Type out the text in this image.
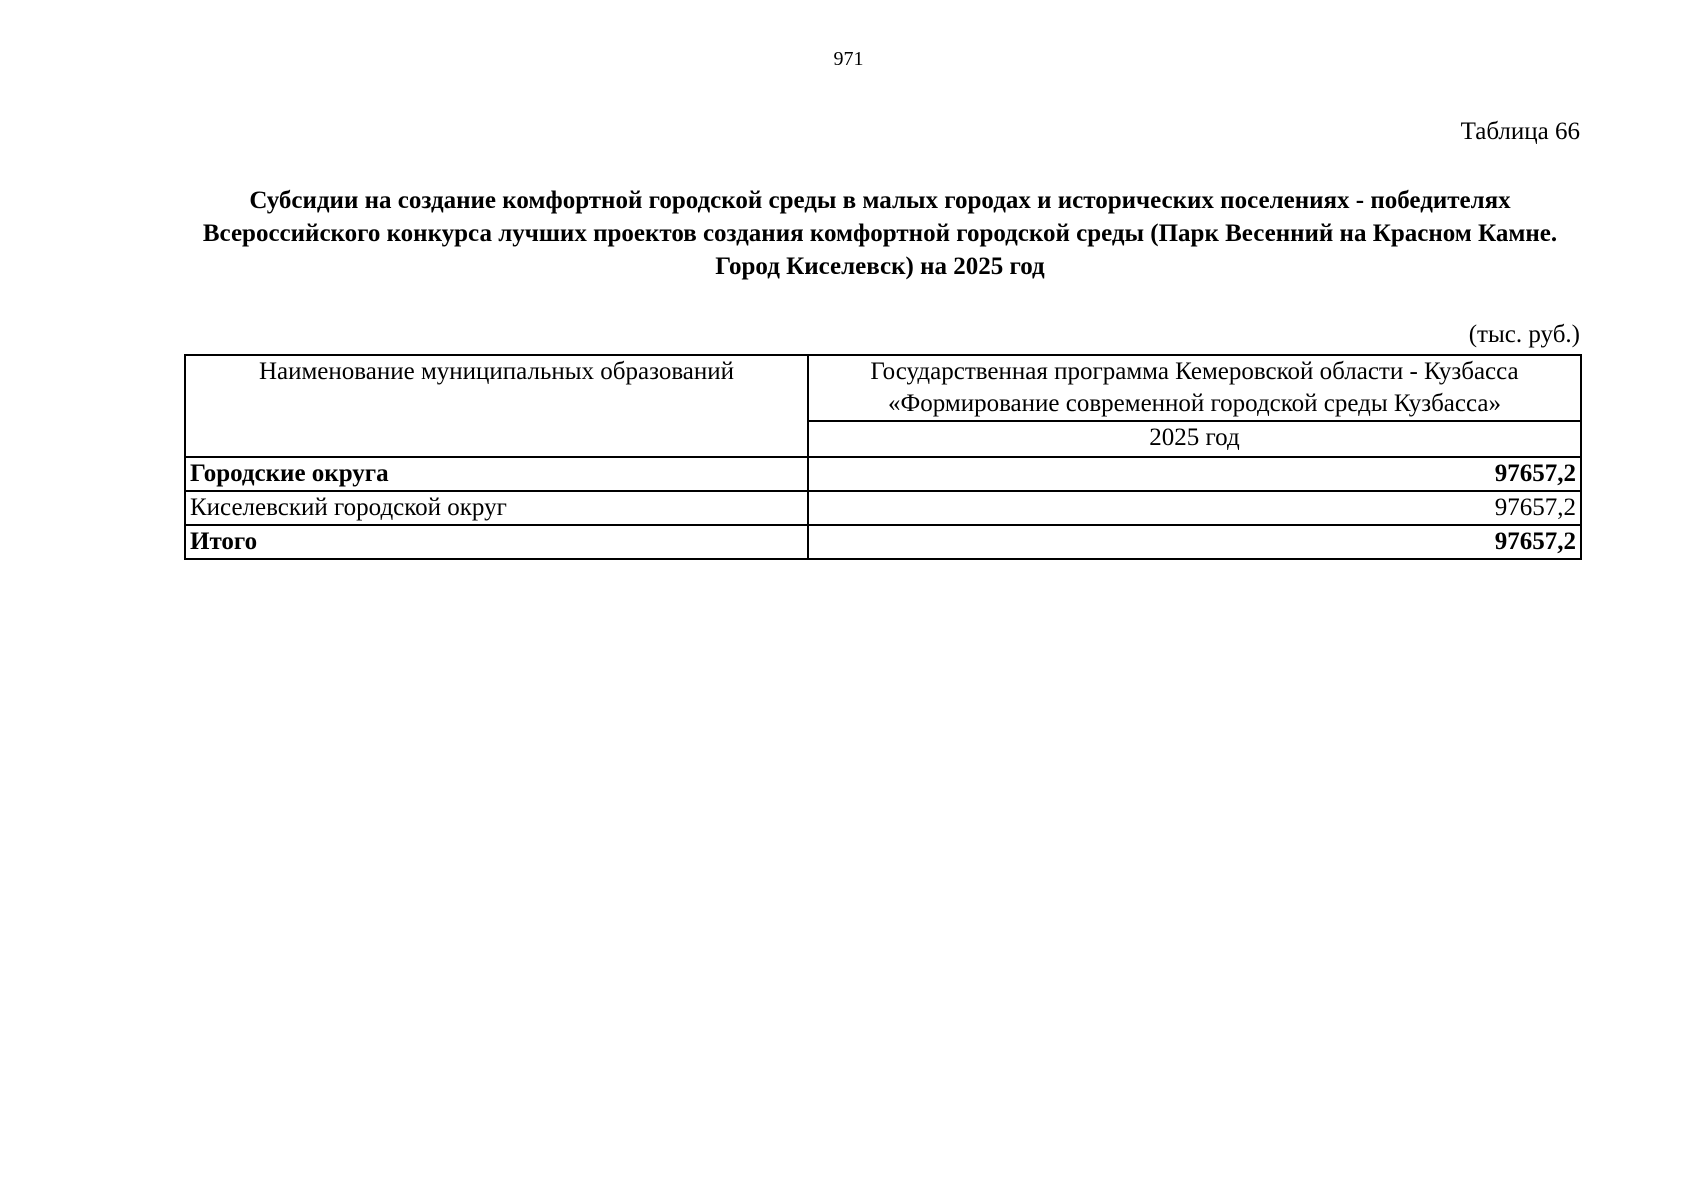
971
Таблица 66
Субсидии на создание комфортной городской среды в малых городах и исторических поселениях - победителях Всероссийского конкурса лучших проектов создания комфортной городской среды (Парк Весенний на Красном Камне. Город Киселевск) на 2025 год
(тыс. руб.)
Наименование муниципальных образований	Государственная программа Кемеровской области - Кузбасса «Формирование современной городской среды Кузбасса»
	2025 год
Городские округа	97657,2
Киселевский городской округ	97657,2
Итого	97657,2
